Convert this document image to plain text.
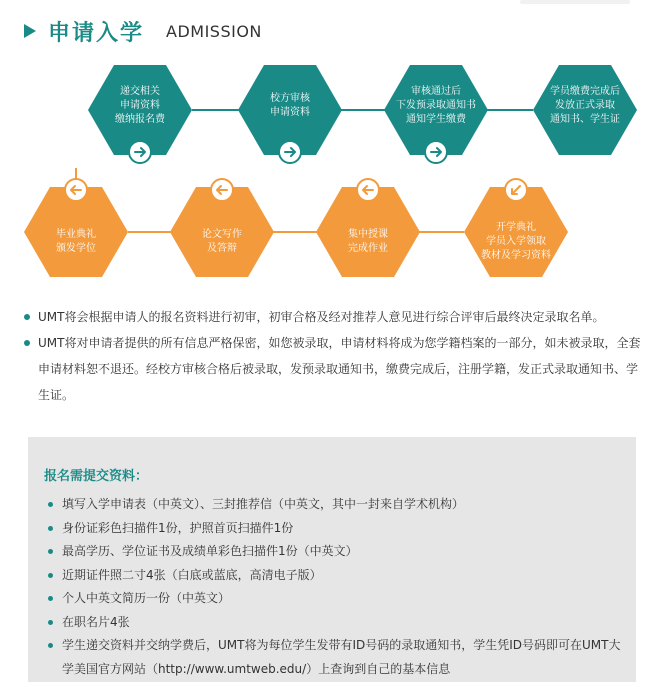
申请入学 ADMISSION
递交相关
申请资料
缴纳报名费
校方审核
申请资料
审核通过后
下发预录取通知书
通知学生缴费
学员缴费完成后
发放正式录取
通知书、学生证
毕业典礼
颁发学位
论文写作
及答辩
集中授课
完成作业
开学典礼
学员入学领取
教材及学习资料
UMT将会根据申请人的报名资料进行初审，初审合格及经对推荐人意见进行综合评审后最终决定录取名单。
UMT将对申请者提供的所有信息严格保密，如您被录取，申请材料将成为您学籍档案的一部分，如未被录取，全套申请材料恕不退还。经校方审核合格后被录取，发预录取通知书，缴费完成后，注册学籍，发正式录取通知书、学生证。
报名需提交资料：
填写入学申请表（中英文）、三封推荐信（中英文，其中一封来自学术机构）
身份证彩色扫描件1份，护照首页扫描件1份
最高学历、学位证书及成绩单彩色扫描件1份（中英文）
近期证件照二寸4张（白底或蓝底，高清电子版）
个人中英文简历一份（中英文）
在职名片4张
学生递交资料并交纳学费后，UMT将为每位学生发带有ID号码的录取通知书，学生凭ID号码即可在UMT大学美国官方网站（http://www.umtweb.edu/）上查询到自己的基本信息
